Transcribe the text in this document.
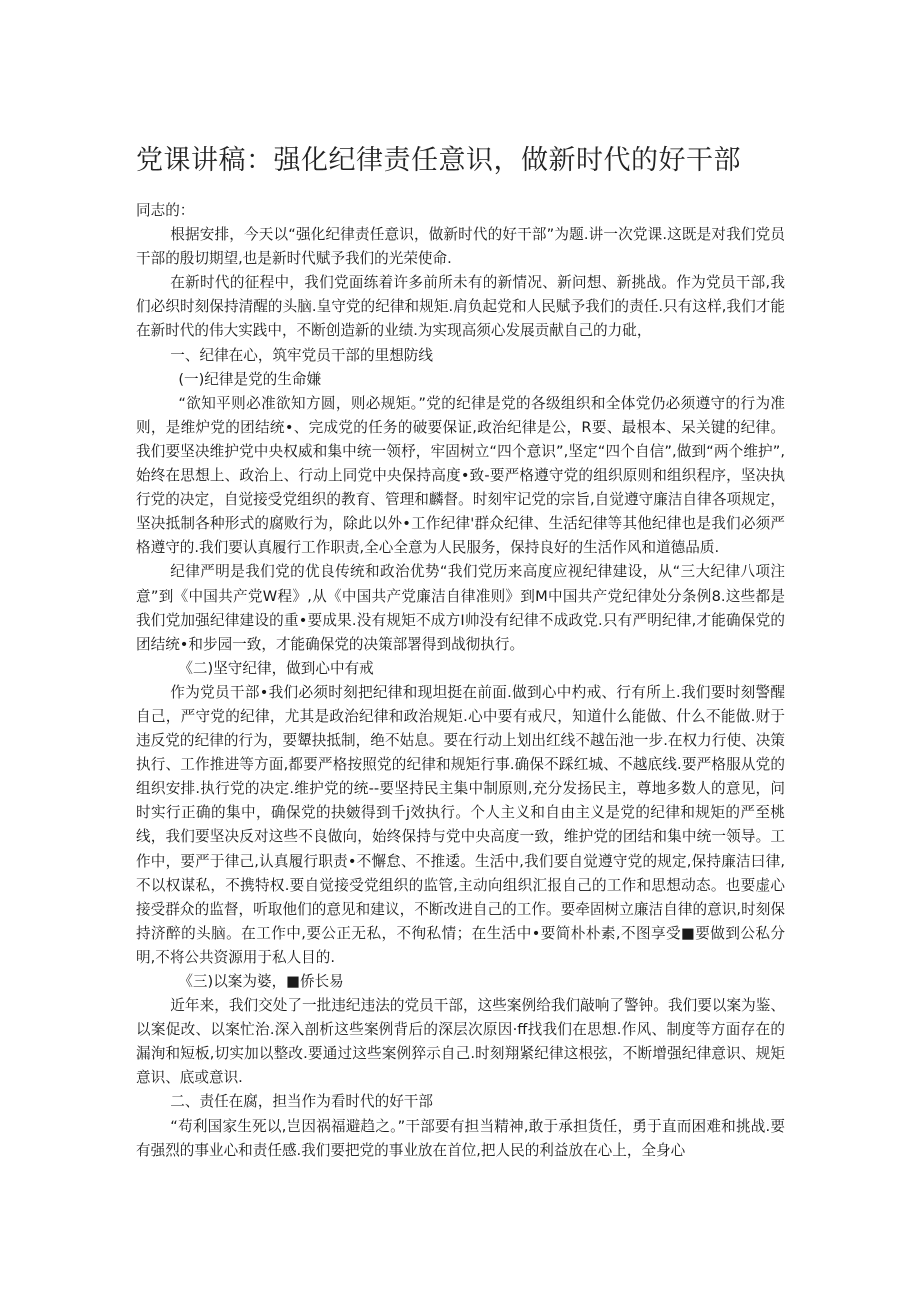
党课讲稿：强化纪律责任意识，做新时代的好干部

同志的：

根据安排，今天以“强化纪律责任意识，做新时代的好干部”为题.讲一次党课.这既是对我们党员干部的殷切期望,也是新时代赋予我们的光荣使命.

在新时代的征程中，我们党面练着许多前所未有的新情况、新问想、新挑战。作为党员干部,我们必织时刻保持清醒的头脑.皇守党的纪律和规矩.肩负起党和人民赋予我们的责任.只有这样,我们才能在新时代的伟大实践中，不断创造新的业绩.为实现高须心发展贡献自己的力砒，

一、纪律在心，筑牢党员干部的里想防线

(一)纪律是党的生命嫌

“欲知平则必准欲知方圆，则必规矩。”党的纪律是党的各级组织和全体党仍必须遵守的行为准则，是维炉党的团结统•、完成党的任务的破要保证,政治纪律是公，R要、最根本、呆关键的纪律。我们要坚决维护党中央权威和集中统一领杼，牢固树立“四个意识”,坚定“四个自信”,做到“两个维护”,始终在思想上、政治上、行动上同党中央保持高度•致-要严格遵守党的组织原则和组织程序，坚决执行党的决定，自觉接受党组织的教育、管理和麟督。时刻牢记党的宗旨,自觉遵守廉洁自律各项规定，坚决抵制各种形式的腐败行为，除此以外•工作纪律'群众纪律、生活纪律等其他纪律也是我们必须严格遵守的.我们要认真履行工作职责,全心全意为人民服务，保持良好的生活作风和道德品质.

纪律严明是我们党的优良传统和政治优势“我们党历来高度应视纪律建设，从“三大纪律八项注意”到《中国共产党W程》,从《中国共产党廉洁自律准则》到M中国共产党纪律处分条例8.这些都是我们党加强纪律建设的重•要成果.没有规矩不成方I帅没有纪律不成政党.只有严明纪律,才能确保党的团结统•和步园一致，才能确保党的决策部署得到战彻执行。

《二)坚守纪律，做到心中有戒

作为党员干部•我们必须时刻把纪律和现坦挺在前面.做到心中杓戒、行有所上.我们要时刻警醒自己，严守党的纪律，尤其是政治纪律和政治规矩.心中要有戒尺，知道什么能做、什么不能做.财于违反党的纪律的行为，要顰抉抵制，绝不姑息。要在行动上划出红线不越缶池一步.在权力行使、决策执行、工作推进等方面,都要严格按照党的纪律和规矩行事.确保不踩红城、不越底线.要严格服从党的组织安排.执行党的决定.维护党的统--要坚持民主集中制原则,充分发扬民主，尊地多数人的意见，问时实行正确的集中，确保党的抉皴得到千j效执行。个人主义和自由主义是党的纪律和规矩的严至桃线，我们要坚决反对这些不良做向，始终保持与党中央高度一致，维护党的团结和集中统一领导。工作中，要严于律己,认真履行职责•不懈怠、不推逶。生活中,我们要自觉遵守党的规定,保持廉洁曰律,不以权谋私，不携特权.要自觉接受党组织的监管,主动向组织汇报自己的工作和思想动态。也要虚心接受群众的监督，听取他们的意见和建议，不断改进自己的工作。要牵固树立廉洁自律的意识,时刻保持济醉的头脑。在工作中,要公正无私，不徇私情；在生活中•要简朴朴素,不图享受■要做到公私分明,不将公共资源用于私人目的.

《三)以案为婆，■侨长易

近年来，我们交处了一批违纪违法的党员干部，这些案例给我们敲响了警钟。我们要以案为鉴、以案促改、以案忙治.深入剖析这些案例背后的深层次原因·ff找我们在思想.作风、制度等方面存在的漏洵和短板,切实加以整改.要通过这些案例猝示自己.时刻翔紧纪律这根弦，不断增强纪律意识、规矩意识、底或意识.

二、责任在腐，担当作为看时代的好干部

“苟利国家生死以,岂因祸福避趋之。”干部要有担当精神,敢于承担货任，勇于直而困难和挑战.要有强烈的事业心和责任感.我们要把党的事业放在首位,把人民的利益放在心上，全身心
